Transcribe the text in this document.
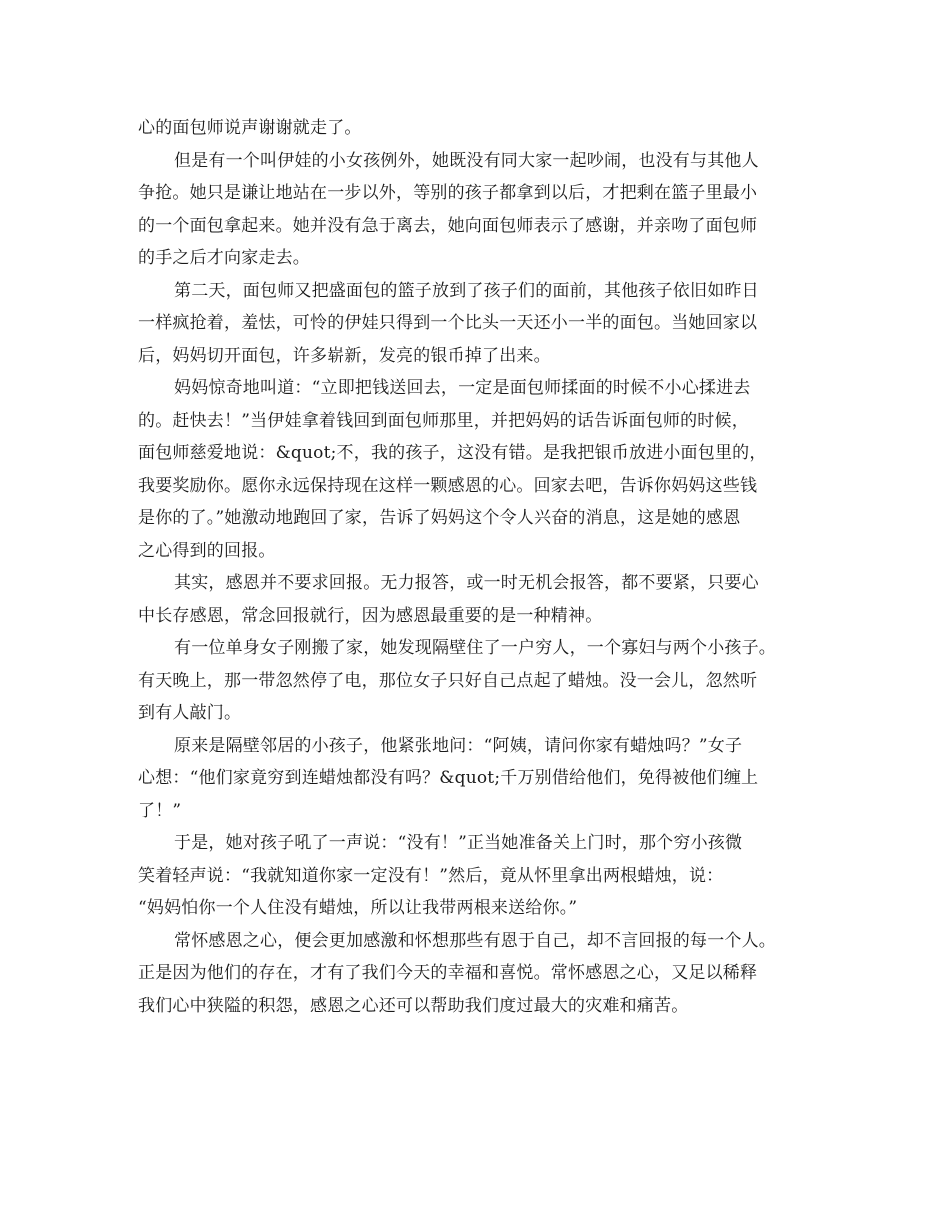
心的面包师说声谢谢就走了。
但是有一个叫伊娃的小女孩例外，她既没有同大家一起吵闹，也没有与其他人
争抢。她只是谦让地站在一步以外，等别的孩子都拿到以后，才把剩在篮子里最小
的一个面包拿起来。她并没有急于离去，她向面包师表示了感谢，并亲吻了面包师
的手之后才向家走去。
第二天，面包师又把盛面包的篮子放到了孩子们的面前，其他孩子依旧如昨日
一样疯抢着，羞怯，可怜的伊娃只得到一个比头一天还小一半的面包。当她回家以
后，妈妈切开面包，许多崭新，发亮的银币掉了出来。
妈妈惊奇地叫道：“立即把钱送回去，一定是面包师揉面的时候不小心揉进去
的。赶快去！”当伊娃拿着钱回到面包师那里，并把妈妈的话告诉面包师的时候，
面包师慈爱地说：&quot;不，我的孩子，这没有错。是我把银币放进小面包里的，
我要奖励你。愿你永远保持现在这样一颗感恩的心。回家去吧，告诉你妈妈这些钱
是你的了。”她激动地跑回了家，告诉了妈妈这个令人兴奋的消息，这是她的感恩
之心得到的回报。
其实，感恩并不要求回报。无力报答，或一时无机会报答，都不要紧，只要心
中长存感恩，常念回报就行，因为感恩最重要的是一种精神。
有一位单身女子刚搬了家，她发现隔壁住了一户穷人，一个寡妇与两个小孩子。
有天晚上，那一带忽然停了电，那位女子只好自己点起了蜡烛。没一会儿，忽然听
到有人敲门。
原来是隔壁邻居的小孩子，他紧张地问：“阿姨，请问你家有蜡烛吗？”女子
心想：“他们家竟穷到连蜡烛都没有吗？&quot;千万别借给他们，免得被他们缠上
了！”
于是，她对孩子吼了一声说：“没有！”正当她准备关上门时，那个穷小孩微
笑着轻声说：“我就知道你家一定没有！”然后，竟从怀里拿出两根蜡烛，说：
“妈妈怕你一个人住没有蜡烛，所以让我带两根来送给你。”
常怀感恩之心，便会更加感激和怀想那些有恩于自己，却不言回报的每一个人。
正是因为他们的存在，才有了我们今天的幸福和喜悦。常怀感恩之心，又足以稀释
我们心中狭隘的积怨，感恩之心还可以帮助我们度过最大的灾难和痛苦。
